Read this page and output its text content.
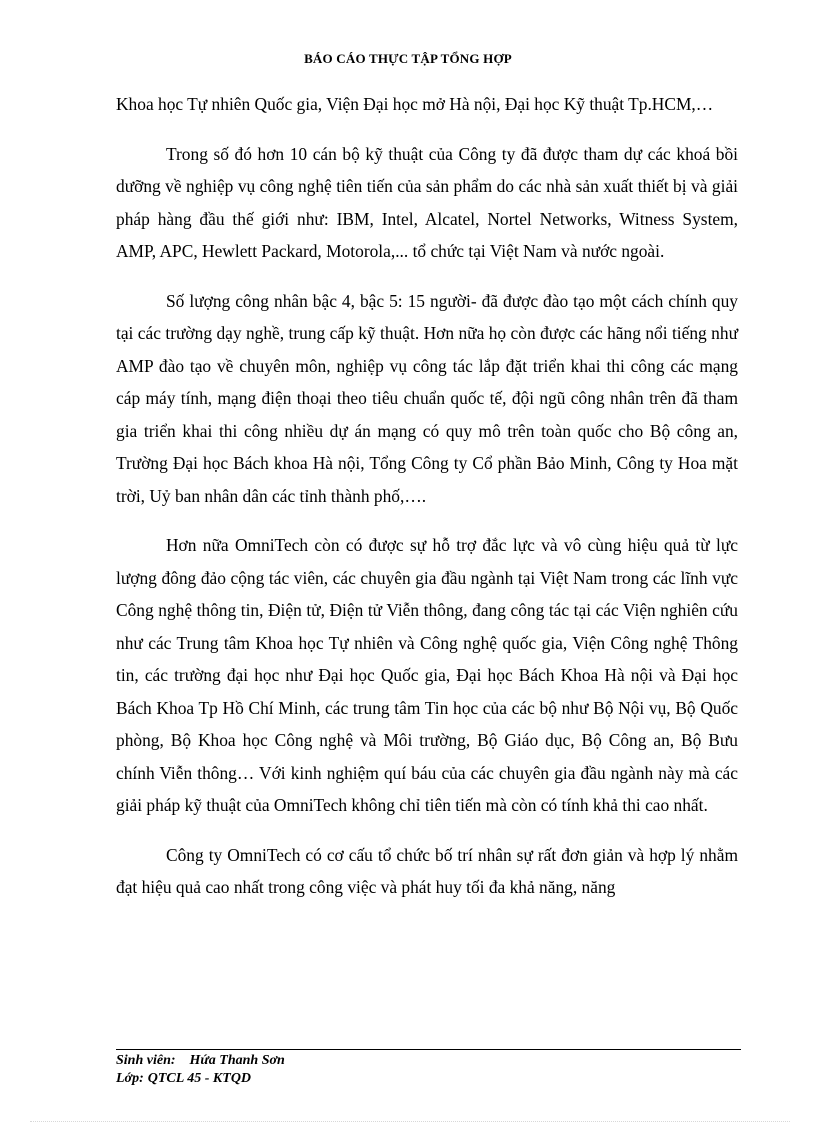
BÁO CÁO THỰC TẬP TỔNG HỢP

Khoa học Tự nhiên Quốc gia, Viện Đại học mở Hà nội, Đại học Kỹ thuật Tp.HCM,…

Trong số đó hơn 10 cán bộ kỹ thuật của Công ty đã được tham dự các khoá bồi dưỡng về nghiệp vụ công nghệ tiên tiến của sản phẩm do các nhà sản xuất thiết bị và giải pháp hàng đầu thế giới như: IBM, Intel, Alcatel, Nortel Networks, Witness System, AMP, APC, Hewlett Packard, Motorola,... tổ chức tại Việt Nam và nước ngoài.

Số lượng công nhân bậc 4, bậc 5: 15 người- đã được đào tạo một cách chính quy tại các trường dạy nghề, trung cấp kỹ thuật. Hơn nữa họ còn được các hãng nổi tiếng như AMP đào tạo về chuyên môn, nghiệp vụ công tác lắp đặt triển khai thi công các mạng cáp máy tính, mạng điện thoại theo tiêu chuẩn quốc tế, đội ngũ công nhân trên đã tham gia triển khai thi công nhiều dự án mạng có quy mô trên toàn quốc cho Bộ công an, Trường Đại học Bách khoa Hà nội, Tổng Công ty Cổ phần Bảo Minh, Công ty Hoa mặt trời, Uỷ ban nhân dân các tỉnh thành phố,….

Hơn nữa OmniTech còn có được sự hỗ trợ đắc lực và vô cùng hiệu quả từ lực lượng đông đảo cộng tác viên, các chuyên gia đầu ngành tại Việt Nam trong các lĩnh vực Công nghệ thông tin, Điện tử, Điện tử Viễn thông, đang công tác tại các Viện nghiên cứu như các Trung tâm Khoa học Tự nhiên và Công nghệ quốc gia, Viện Công nghệ Thông tin, các trường đại học như Đại học Quốc gia, Đại học Bách Khoa Hà nội và Đại học Bách Khoa Tp Hồ Chí Minh, các trung tâm Tin học của các bộ như Bộ Nội vụ, Bộ Quốc phòng, Bộ Khoa học Công nghệ và Môi trường, Bộ Giáo dục, Bộ Công an, Bộ Bưu chính Viễn thông… Với kinh nghiệm quí báu của các chuyên gia đầu ngành này mà các giải pháp kỹ thuật của OmniTech không chỉ tiên tiến mà còn có tính khả thi cao nhất.

Công ty OmniTech có cơ cấu tổ chức bố trí nhân sự rất đơn giản và hợp lý nhằm đạt hiệu quả cao nhất trong công việc và phát huy tối đa khả năng, năng

Sinh viên: Hứa Thanh Sơn
Lớp: QTCL 45 - KTQD
